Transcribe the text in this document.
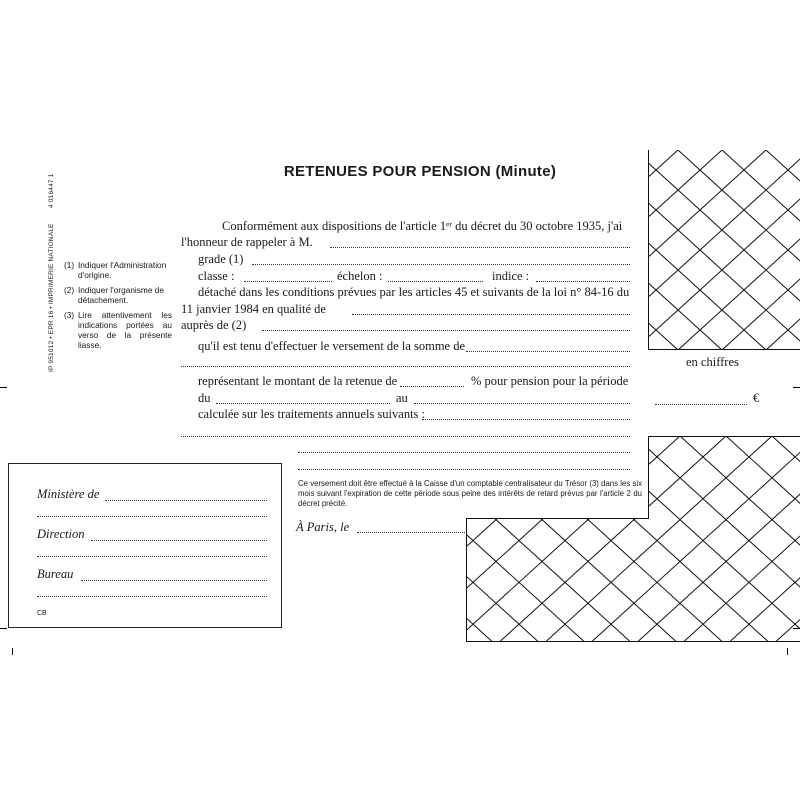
IP 951012 • EPR 16 • IMPRIMERIE NATIONALE
4 016447 1
(1) Indiquer l'Administration d'origine.
(2) Indiquer l'organisme de détachement.
(3) Lire attentivement les indications portées au verso de la présente liasse.
RETENUES POUR PENSION (Minute)
Conformément aux dispositions de l'article 1ᵉʳ du décret du 30 octobre 1935, j'ai
l'honneur de rappeler à M.
grade (1)
classe :	échelon :	indice :
détaché dans les conditions prévues par les articles 45 et suivants de la loi n° 84-16 du
11 janvier 1984 en qualité de
auprès de (2)
qu'il est tenu d'effectuer le versement de la somme de
représentant le montant de la retenue de	% pour pension pour la période
du	au
calculée sur les traitements annuels suivants :
en chiffres
€
Ce versement doit être effectué à la Caisse d'un comptable centralisateur du Trésor (3) dans les six mois suivant l'expiration de cette période sous peine des intérêts de retard prévus par l'article 2 du décret précité.
À Paris, le
Ministère de
Direction
Bureau
CB
